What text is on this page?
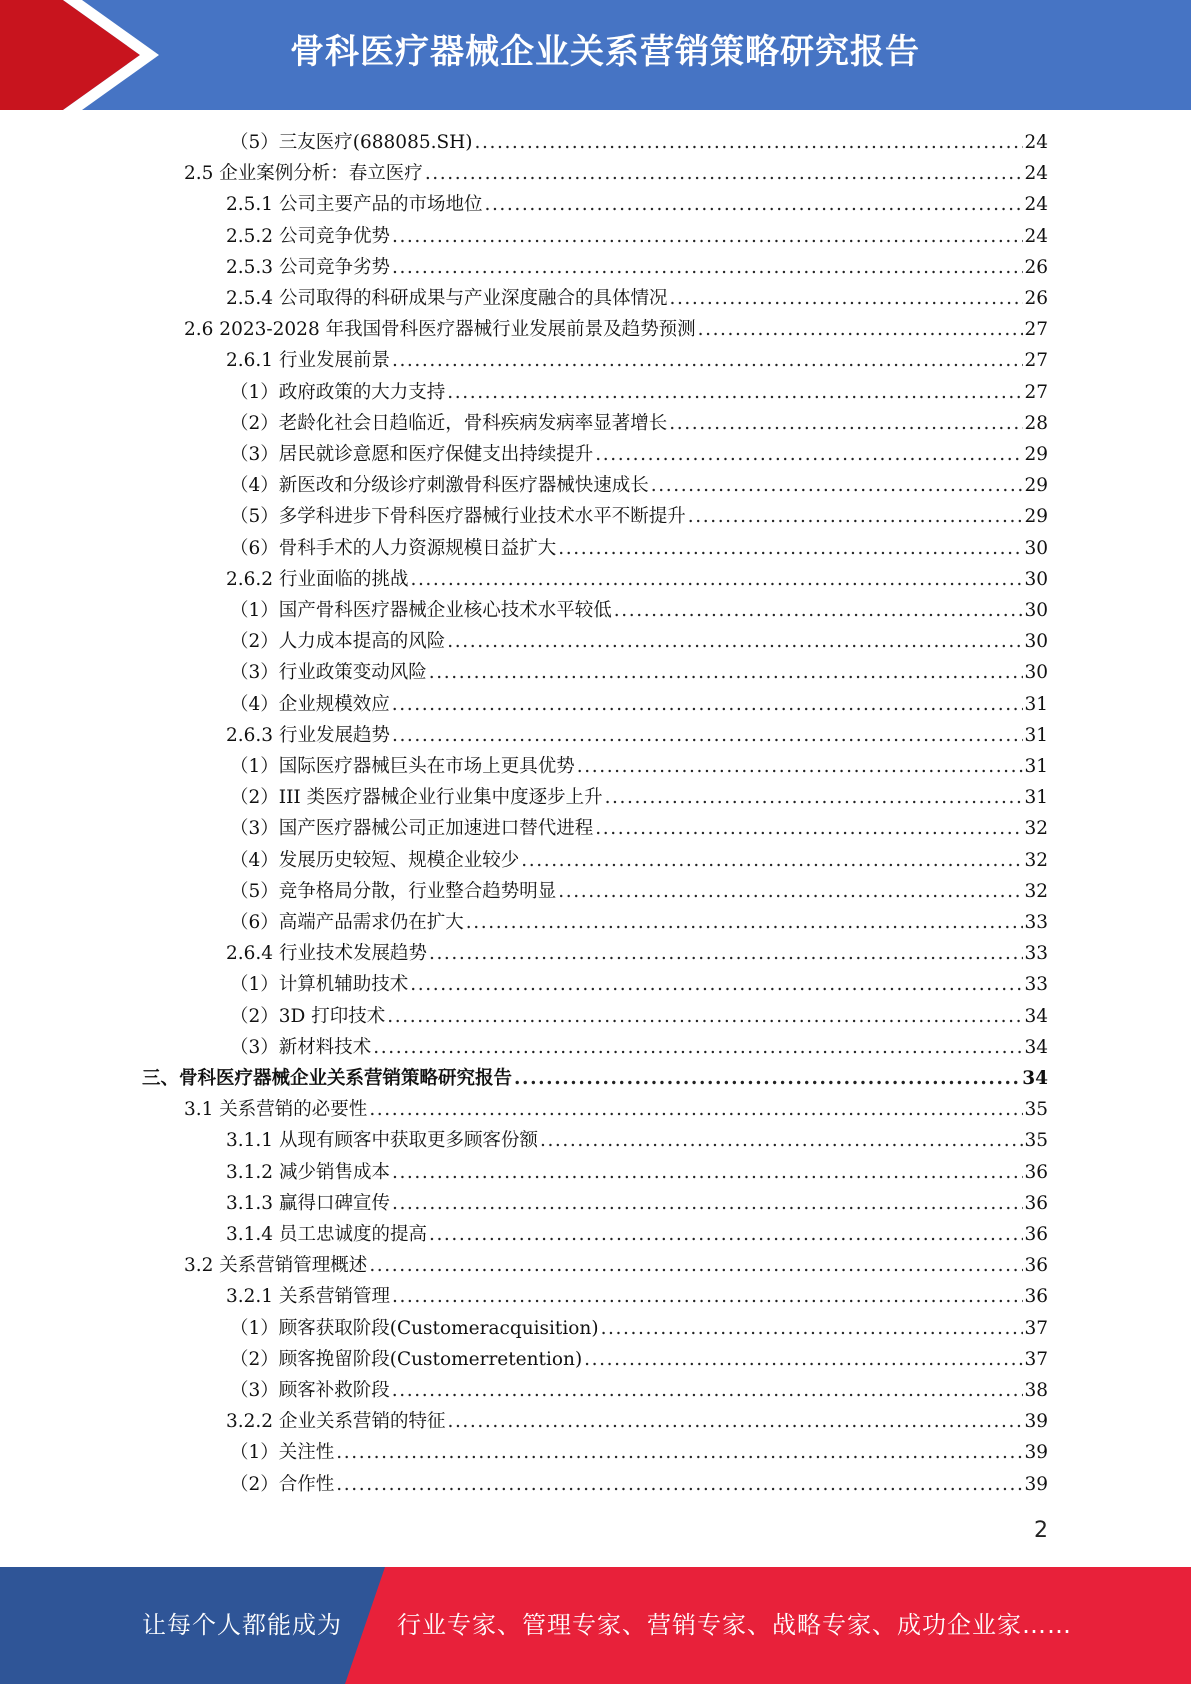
骨科医疗器械企业关系营销策略研究报告
（5）三友医疗(688085.SH) .....	24
2.5 企业案例分析：春立医疗 .....	24
2.5.1 公司主要产品的市场地位 .....	24
2.5.2 公司竞争优势 .....	24
2.5.3 公司竞争劣势 .....	26
2.5.4 公司取得的科研成果与产业深度融合的具体情况 .....	26
2.6 2023-2028 年我国骨科医疗器械行业发展前景及趋势预测 .....	27
2.6.1 行业发展前景 .....	27
（1）政府政策的大力支持 .....	27
（2）老龄化社会日趋临近，骨科疾病发病率显著增长 .....	28
（3）居民就诊意愿和医疗保健支出持续提升 .....	29
（4）新医改和分级诊疗刺激骨科医疗器械快速成长 .....	29
（5）多学科进步下骨科医疗器械行业技术水平不断提升 .....	29
（6）骨科手术的人力资源规模日益扩大 .....	30
2.6.2 行业面临的挑战 .....	30
（1）国产骨科医疗器械企业核心技术水平较低 .....	30
（2）人力成本提高的风险 .....	30
（3）行业政策变动风险 .....	30
（4）企业规模效应 .....	31
2.6.3 行业发展趋势 .....	31
（1）国际医疗器械巨头在市场上更具优势 .....	31
（2）III 类医疗器械企业行业集中度逐步上升 .....	31
（3）国产医疗器械公司正加速进口替代进程 .....	32
（4）发展历史较短、规模企业较少 .....	32
（5）竞争格局分散，行业整合趋势明显 .....	32
（6）高端产品需求仍在扩大 .....	33
2.6.4 行业技术发展趋势 .....	33
（1）计算机辅助技术 .....	33
（2）3D 打印技术 .....	34
（3）新材料技术 .....	34
三、骨科医疗器械企业关系营销策略研究报告 .....	34
3.1 关系营销的必要性 .....	35
3.1.1 从现有顾客中获取更多顾客份额 .....	35
3.1.2 减少销售成本 .....	36
3.1.3 赢得口碑宣传 .....	36
3.1.4 员工忠诚度的提高 .....	36
3.2 关系营销管理概述 .....	36
3.2.1 关系营销管理 .....	36
（1）顾客获取阶段(Customeracquisition) .....	37
（2）顾客挽留阶段(Customerretention) .....	37
（3）顾客补救阶段 .....	38
3.2.2 企业关系营销的特征 .....	39
（1）关注性 .....	39
（2）合作性 .....	39
2
让每个人都能成为 行业专家、管理专家、营销专家、战略专家、成功企业家……
